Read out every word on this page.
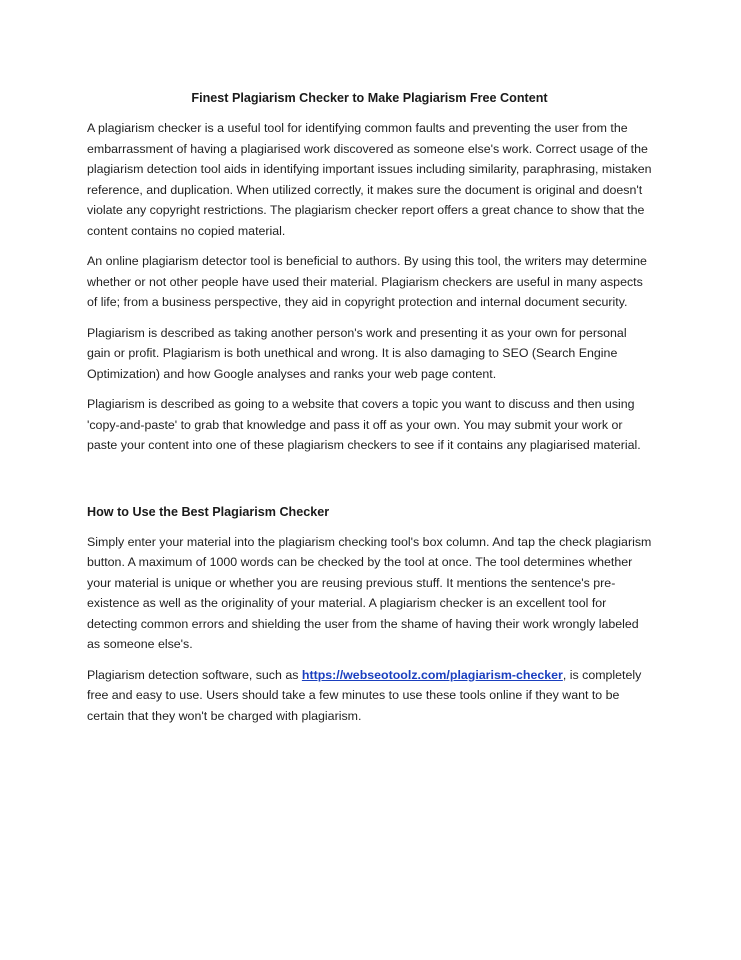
Finest Plagiarism Checker to Make Plagiarism Free Content

A plagiarism checker is a useful tool for identifying common faults and preventing the user from the embarrassment of having a plagiarised work discovered as someone else's work. Correct usage of the plagiarism detection tool aids in identifying important issues including similarity, paraphrasing, mistaken reference, and duplication. When utilized correctly, it makes sure the document is original and doesn't violate any copyright restrictions. The plagiarism checker report offers a great chance to show that the content contains no copied material.

An online plagiarism detector tool is beneficial to authors. By using this tool, the writers may determine whether or not other people have used their material. Plagiarism checkers are useful in many aspects of life; from a business perspective, they aid in copyright protection and internal document security.

Plagiarism is described as taking another person's work and presenting it as your own for personal gain or profit. Plagiarism is both unethical and wrong. It is also damaging to SEO (Search Engine Optimization) and how Google analyses and ranks your web page content.

Plagiarism is described as going to a website that covers a topic you want to discuss and then using 'copy-and-paste' to grab that knowledge and pass it off as your own. You may submit your work or paste your content into one of these plagiarism checkers to see if it contains any plagiarised material.

How to Use the Best Plagiarism Checker

Simply enter your material into the plagiarism checking tool's box column. And tap the check plagiarism button. A maximum of 1000 words can be checked by the tool at once. The tool determines whether your material is unique or whether you are reusing previous stuff. It mentions the sentence's pre-existence as well as the originality of your material. A plagiarism checker is an excellent tool for detecting common errors and shielding the user from the shame of having their work wrongly labeled as someone else's.

Plagiarism detection software, such as https://webseotoolz.com/plagiarism-checker, is completely free and easy to use. Users should take a few minutes to use these tools online if they want to be certain that they won't be charged with plagiarism.
